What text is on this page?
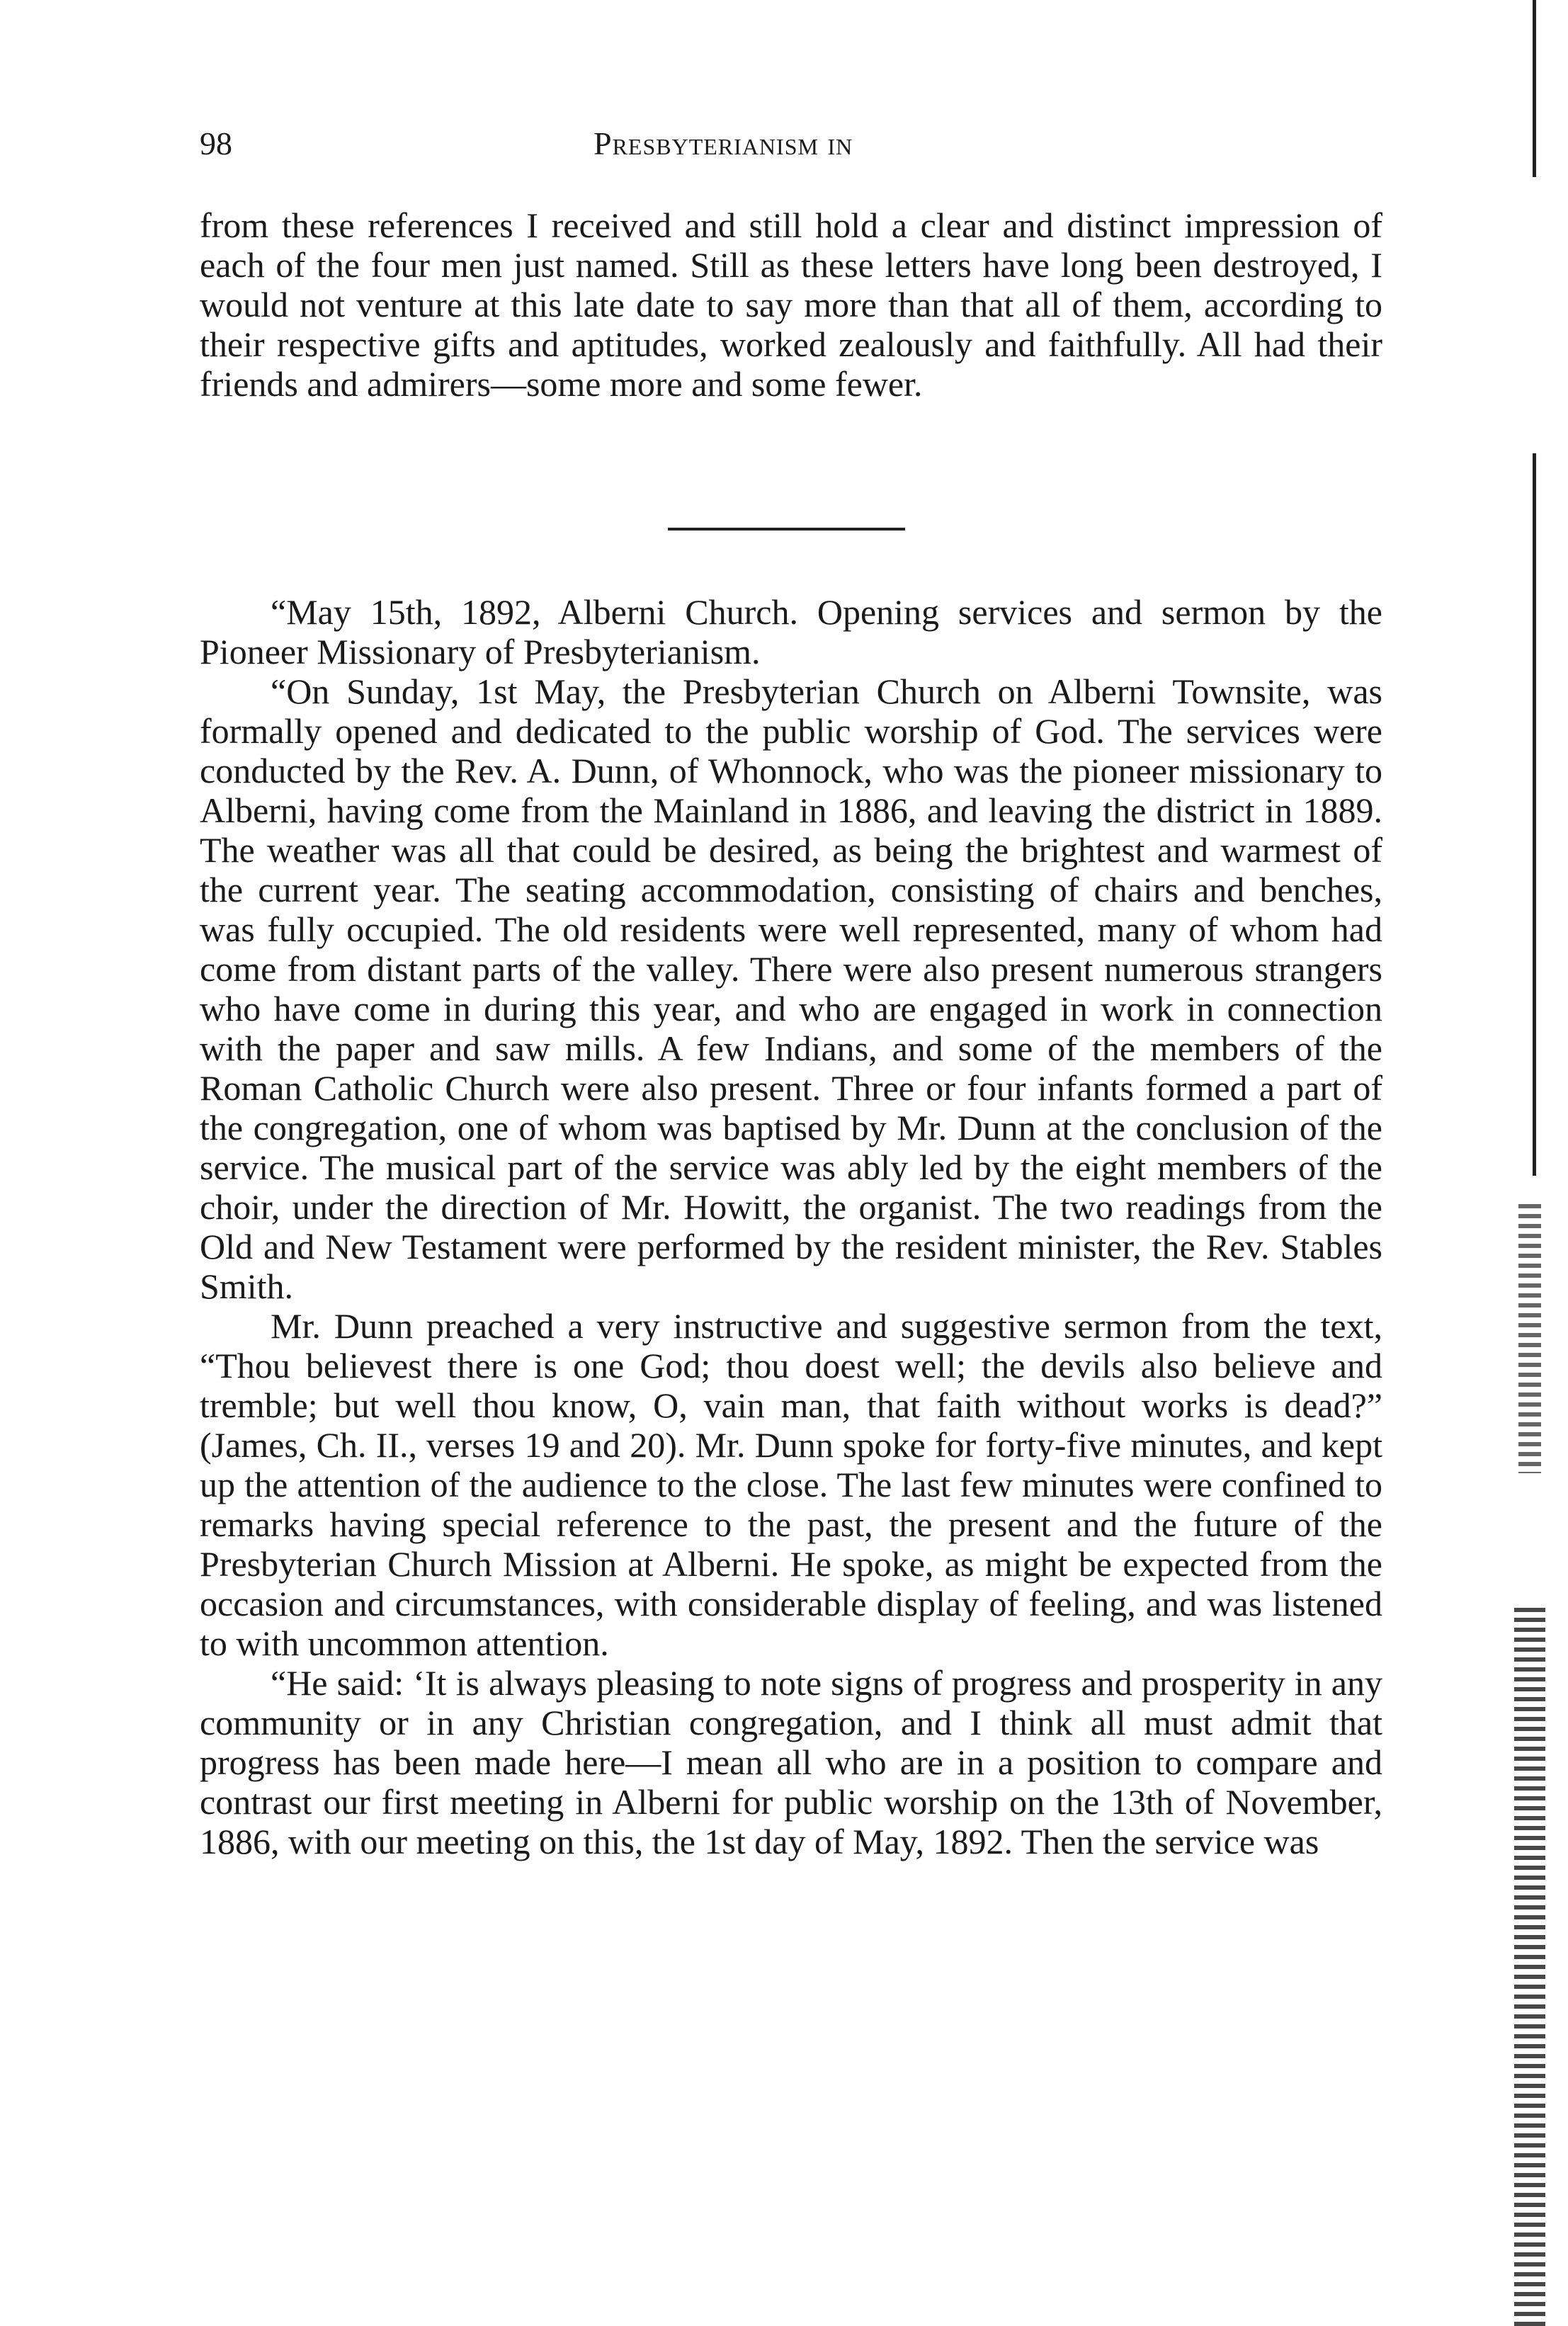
98	Presbyterianism in

from these references I received and still hold a clear and distinct impression of each of the four men just named. Still as these letters have long been destroyed, I would not venture at this late date to say more than that all of them, according to their respective gifts and aptitudes, worked zealously and faithfully. All had their friends and admirers—some more and some fewer.

“May 15th, 1892, Alberni Church. Opening services and sermon by the Pioneer Missionary of Presbyterianism.

“On Sunday, 1st May, the Presbyterian Church on Alberni Townsite, was formally opened and dedicated to the public worship of God. The services were conducted by the Rev. A. Dunn, of Whonnock, who was the pioneer missionary to Alberni, having come from the Mainland in 1886, and leaving the district in 1889. The weather was all that could be desired, as being the brightest and warmest of the current year. The seating accommodation, consisting of chairs and benches, was fully occupied. The old residents were well represented, many of whom had come from distant parts of the valley. There were also present numerous strangers who have come in during this year, and who are engaged in work in connection with the paper and saw mills. A few Indians, and some of the members of the Roman Catholic Church were also present. Three or four infants formed a part of the congregation, one of whom was baptised by Mr. Dunn at the conclusion of the service. The musical part of the service was ably led by the eight members of the choir, under the direction of Mr. Howitt, the organist. The two readings from the Old and New Testament were performed by the resident minister, the Rev. Stables Smith.

Mr. Dunn preached a very instructive and suggestive sermon from the text, “Thou believest there is one God; thou doest well; the devils also believe and tremble; but well thou know, O, vain man, that faith without works is dead?” (James, Ch. II., verses 19 and 20). Mr. Dunn spoke for forty-five minutes, and kept up the attention of the audience to the close. The last few minutes were confined to remarks having special reference to the past, the present and the future of the Presbyterian Church Mission at Alberni. He spoke, as might be expected from the occasion and circumstances, with considerable display of feeling, and was listened to with uncommon attention.

“He said: ‘It is always pleasing to note signs of progress and prosperity in any community or in any Christian congregation, and I think all must admit that progress has been made here—I mean all who are in a position to compare and contrast our first meeting in Alberni for public worship on the 13th of November, 1886, with our meeting on this, the 1st day of May, 1892. Then the service was
